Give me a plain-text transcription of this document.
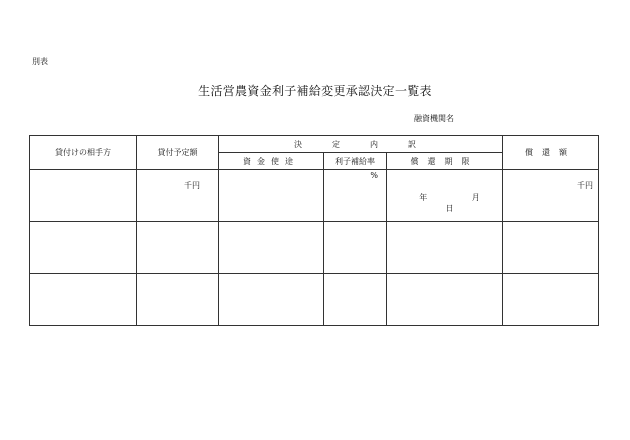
別表
生活営農資金利子補給変更承認決定一覧表
融資機関名
貸付けの相手方	貸付予定額	決　定　内　訳			償還額
		資金使途	利子補給率	償還期限	

	千円		%	年 月 日	千円
